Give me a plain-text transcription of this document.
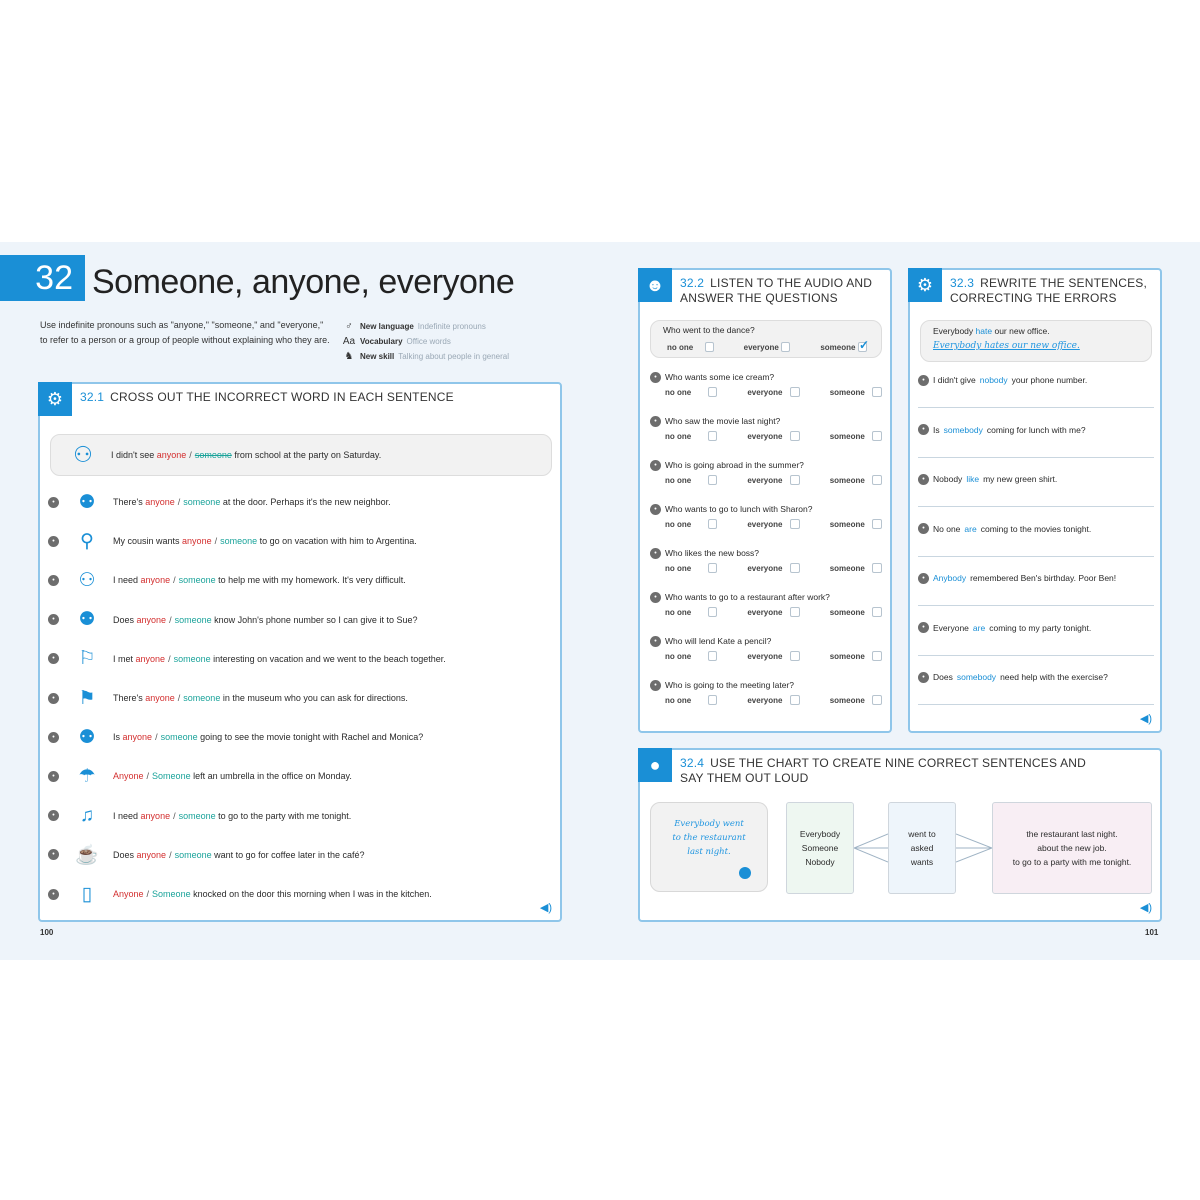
32 Someone, anyone, everyone
Use indefinite pronouns such as "anyone," "someone," and "everyone," to refer to a person or a group of people without explaining who they are.
♂ New language Indefinite pronouns
Aa Vocabulary Office words
♞ New skill Talking about people in general
⚙	32.1 CROSS OUT THE INCORRECT WORD IN EACH SENTENCE
⚇	I didn't see
anyone / someone
from school at the party on Saturday.
•	⚉	There's
anyone / someone
at the door. Perhaps it's the new neighbor.
•	⚲	My cousin wants
anyone / someone
to go on vacation with him to Argentina.
•	⚇	I need
anyone / someone
to help me with my homework. It's very difficult.
•	⚉	Does
anyone / someone
know John's phone number so I can give it to Sue?
•	⚐	I met
anyone / someone
interesting on vacation and we went to the beach together.
•	⚑	There's
anyone / someone
in the museum who you can ask for directions.
•	⚉	Is
anyone / someone
going to see the movie tonight with Rachel and Monica?
•	☂	Anyone / Someone
left an umbrella in the office on Monday.
•	♫	I need
anyone / someone
to go to the party with me tonight.
•	☕	Does
anyone / someone
want to go for coffee later in the café?
•	▯	Anyone / Someone
knocked on the door this morning when I was in the kitchen.
◀)
☻	32.2 LISTEN TO THE AUDIO AND ANSWER THE QUESTIONS
Who went to the dance?
no one	everyone	someone ✓
• Who wants some ice cream?
no one	everyone	someone
• Who saw the movie last night?
no one	everyone	someone
• Who is going abroad in the summer?
no one	everyone	someone
• Who wants to go to lunch with Sharon?
no one	everyone	someone
• Who likes the new boss?
no one	everyone	someone
• Who wants to go to a restaurant after work?
no one	everyone	someone
• Who will lend Kate a pencil?
no one	everyone	someone
• Who is going to the meeting later?
no one	everyone	someone
⚙	32.3 REWRITE THE SENTENCES, CORRECTING THE ERRORS
Everybody hate our new office.
Everybody hates our new office.
• I didn't give nobody your phone number.
• Is somebody coming for lunch with me?
• Nobody like my new green shirt.
• No one are coming to the movies tonight.
• Anybody remembered Ben's birthday. Poor Ben!
• Everyone are coming to my party tonight.
• Does somebody need help with the exercise?
◀)
●	32.4 USE THE CHART TO CREATE NINE CORRECT SENTENCES AND SAY THEM OUT LOUD
Everybody went
to the restaurant
last night.
Everybody
Someone
Nobody
went to
asked
wants
the restaurant last night.
about the new job.
to go to a party with me tonight.
◀)
100	101
